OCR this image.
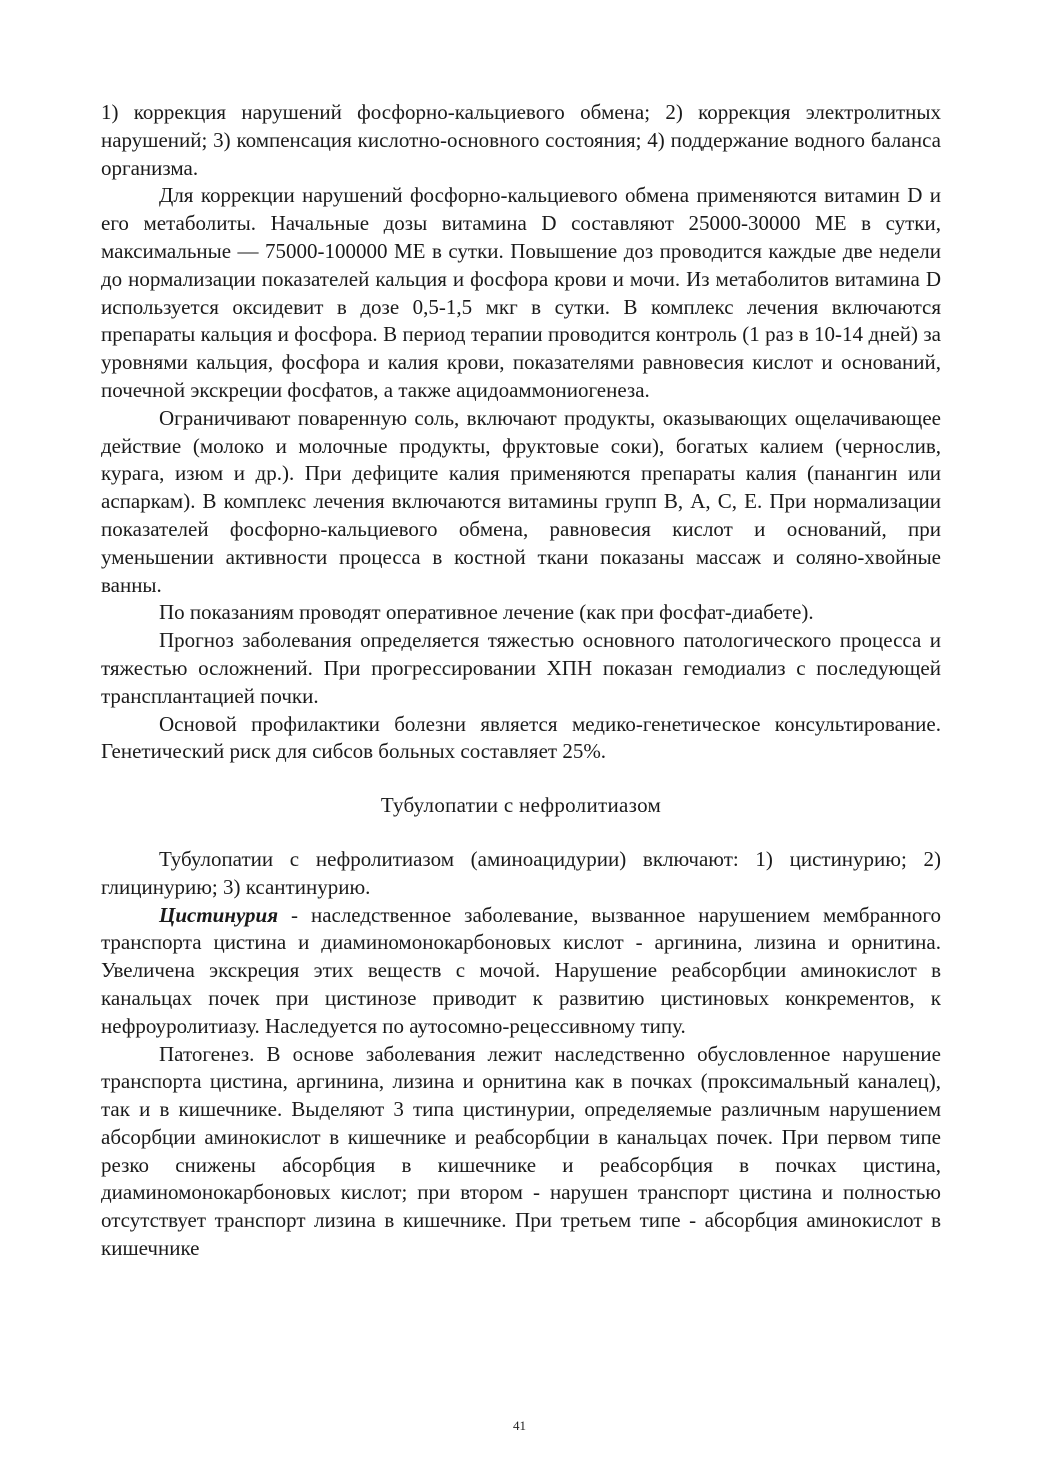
1) коррекция нарушений фосфорно-кальциевого обмена; 2) коррекция электролитных нарушений; 3) компенсация кислотно-основного состояния; 4) поддержание водного баланса организма.

Для коррекции нарушений фосфорно-кальциевого обмена применяются витамин D и его метаболиты. Начальные дозы витамина D составляют 25000-30000 МЕ в сутки, максимальные — 75000-100000 МЕ в сутки. Повышение доз проводится каждые две недели до нормализации показателей кальция и фосфора крови и мочи. Из метаболитов витамина D используется оксидевит в дозе 0,5-1,5 мкг в сутки. В комплекс лечения включаются препараты кальция и фосфора. В период терапии проводится контроль (1 раз в 10-14 дней) за уровнями кальция, фосфора и калия крови, показателями равновесия кислот и оснований, почечной экскреции фосфатов, а также ацидоаммониогенеза.

Ограничивают поваренную соль, включают продукты, оказывающих ощелачивающее действие (молоко и молочные продукты, фруктовые соки), богатых калием (чернослив, курага, изюм и др.). При дефиците калия применяются препараты калия (панангин или аспаркам). В комплекс лечения включаются витамины групп В, А, С, Е. При нормализации показателей фосфорно-кальциевого обмена, равновесия кислот и оснований, при уменьшении активности процесса в костной ткани показаны массаж и соляно-хвойные ванны.

По показаниям проводят оперативное лечение (как при фосфат-диабете).

Прогноз заболевания определяется тяжестью основного патологического процесса и тяжестью осложнений. При прогрессировании ХПН показан гемодиализ с последующей трансплантацией почки.

Основой профилактики болезни является медико-генетическое консультирование. Генетический риск для сибсов больных составляет 25%.

Тубулопатии с нефролитиазом

Тубулопатии с нефролитиазом (аминоацидурии) включают: 1) цистинурию; 2) глицинурию; 3) ксантинурию.

Цистинурия - наследственное заболевание, вызванное нарушением мембранного транспорта цистина и диаминомонокарбоновых кислот - аргинина, лизина и орнитина. Увеличена экскреция этих веществ с мочой. Нарушение реабсорбции аминокислот в канальцах почек при цистинозе приводит к развитию цистиновых конкрементов, к нефроуролитиазу. Наследуется по аутосомно-рецессивному типу.

Патогенез. В основе заболевания лежит наследственно обусловленное нарушение транспорта цистина, аргинина, лизина и орнитина как в почках (проксимальный каналец), так и в кишечнике. Выделяют 3 типа цистинурии, определяемые различным нарушением абсорбции аминокислот в кишечнике и реабсорбции в канальцах почек. При первом типе резко снижены абсорбция в кишечнике и реабсорбция в почках цистина, диаминомонокарбоновых кислот; при втором - нарушен транспорт цистина и полностью отсутствует транспорт лизина в кишечнике. При третьем типе - абсорбция аминокислот в кишечнике

41
